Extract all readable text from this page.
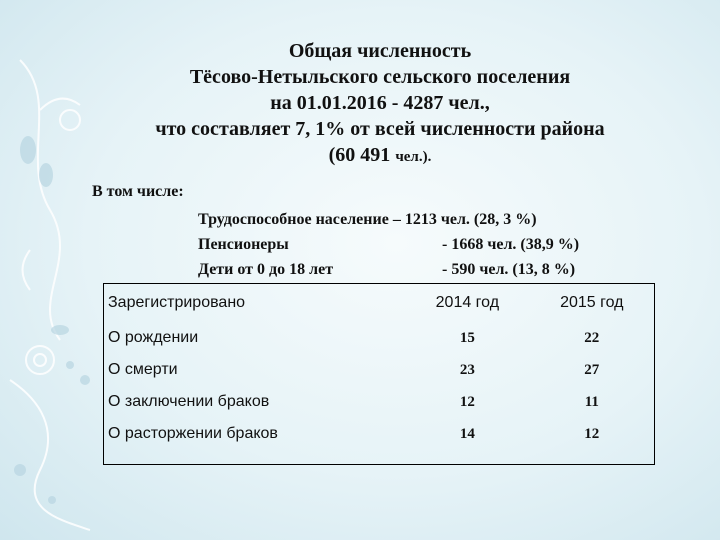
Общая численность
Тёсово-Нетыльского сельского поселения
на 01.01.2016 - 4287 чел.,
что составляет 7, 1% от всей численности района
(60 491 чел.).
В том числе:
Трудоспособное население – 1213 чел. (28, 3 %)
Пенсионеры	- 1668 чел. (38,9 %)
Дети от 0 до 18 лет	- 590 чел. (13, 8 %)
Зарегистрировано	2014 год	2015 год
О рождении	15	22
О смерти	23	27
О заключении браков	12	11
О расторжении браков	14	12
